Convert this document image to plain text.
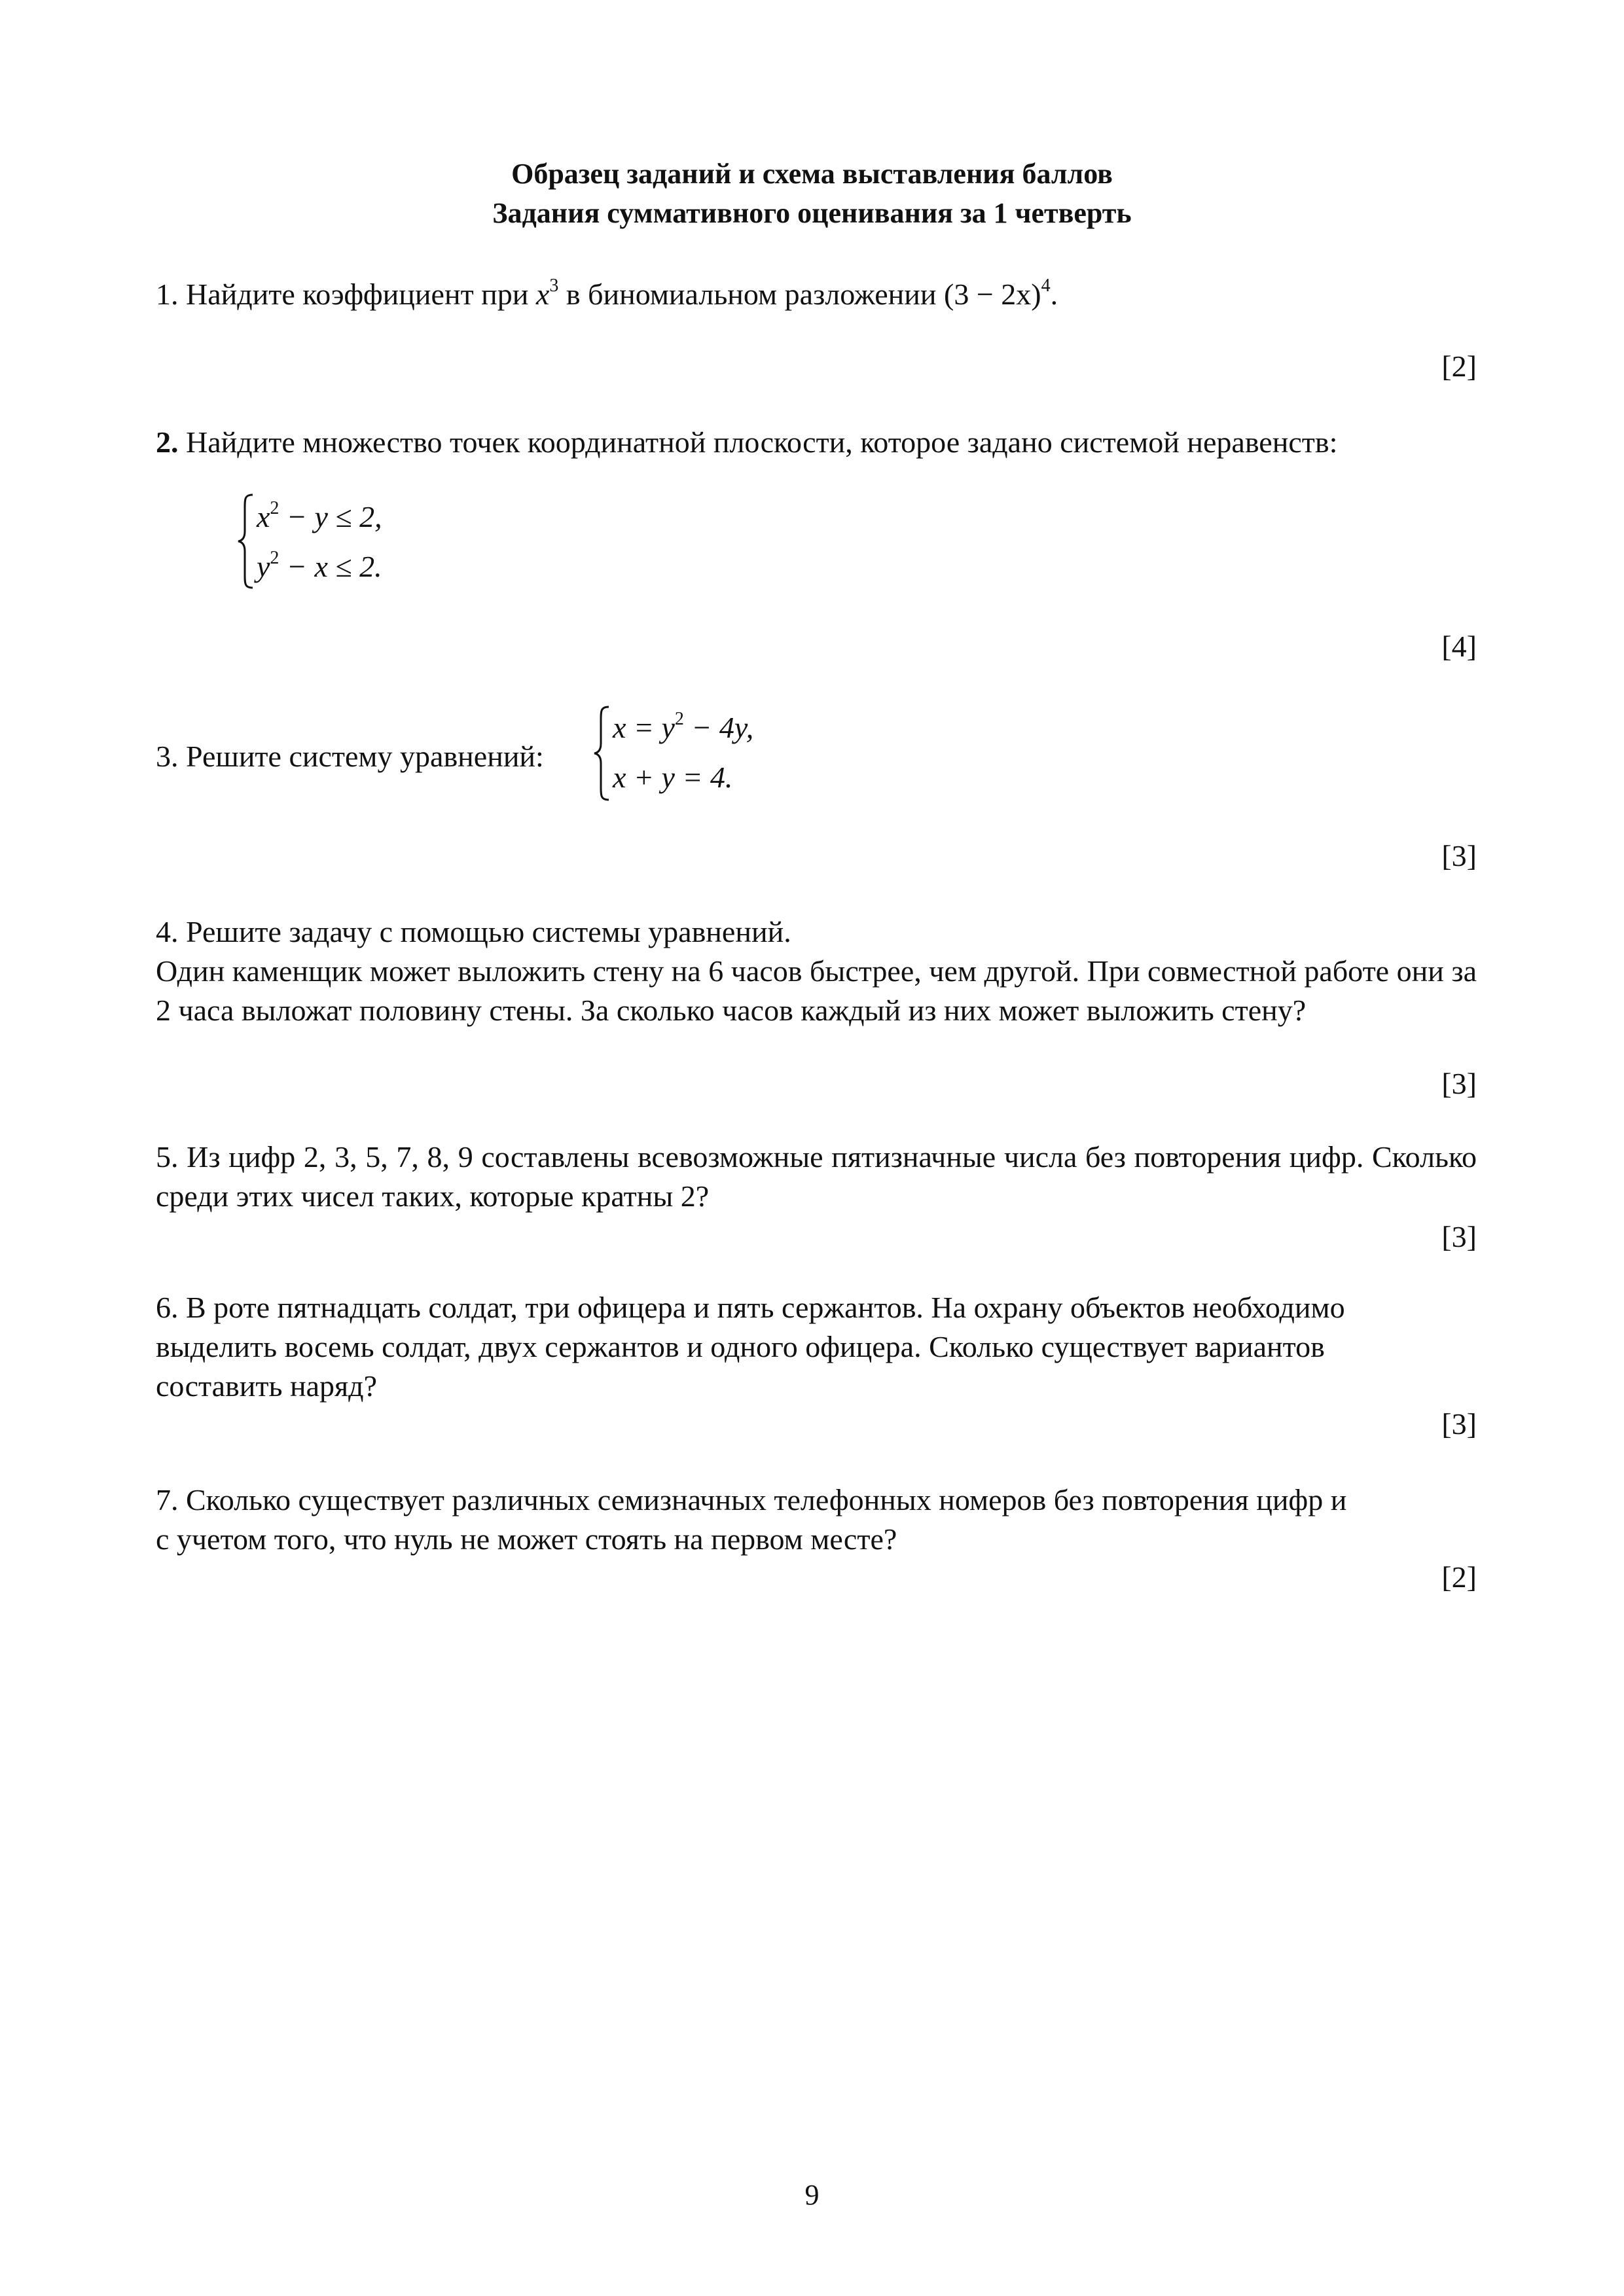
Образец заданий и схема выставления баллов
Задания суммативного оценивания за 1 четверть
1. Найдите коэффициент при $x^3$ в биномиальном разложении $(3 - 2x)^4$.
[2]
2. Найдите множество точек координатной плоскости, которое задано системой неравенств:
$x^2 - y \le 2$,
$y^2 - x \le 2$.
[4]
3. Решите систему уравнений:
$x = y^2 - 4y$,
x + y = 4.
[3]
4. Решите задачу с помощью системы уравнений.
Один каменщик может выложить стену на 6 часов быстрее, чем другой. При совместной работе они за 2 часа выложат половину стены. За сколько часов каждый из них может выложить стену?
[3]
5. Из цифр 2, 3, 5, 7, 8, 9 составлены всевозможные пятизначные числа без повторения цифр. Сколько среди этих чисел таких, которые кратны 2?
[3]
6. В роте пятнадцать солдат, три офицера и пять сержантов. На охрану объектов необходимо
выделить восемь солдат, двух сержантов и одного офицера. Сколько существует вариантов
составить наряд?
[3]
7. Сколько существует различных семизначных телефонных номеров без повторения цифр и
с учетом того, что нуль не может стоять на первом месте?
[2]
9
